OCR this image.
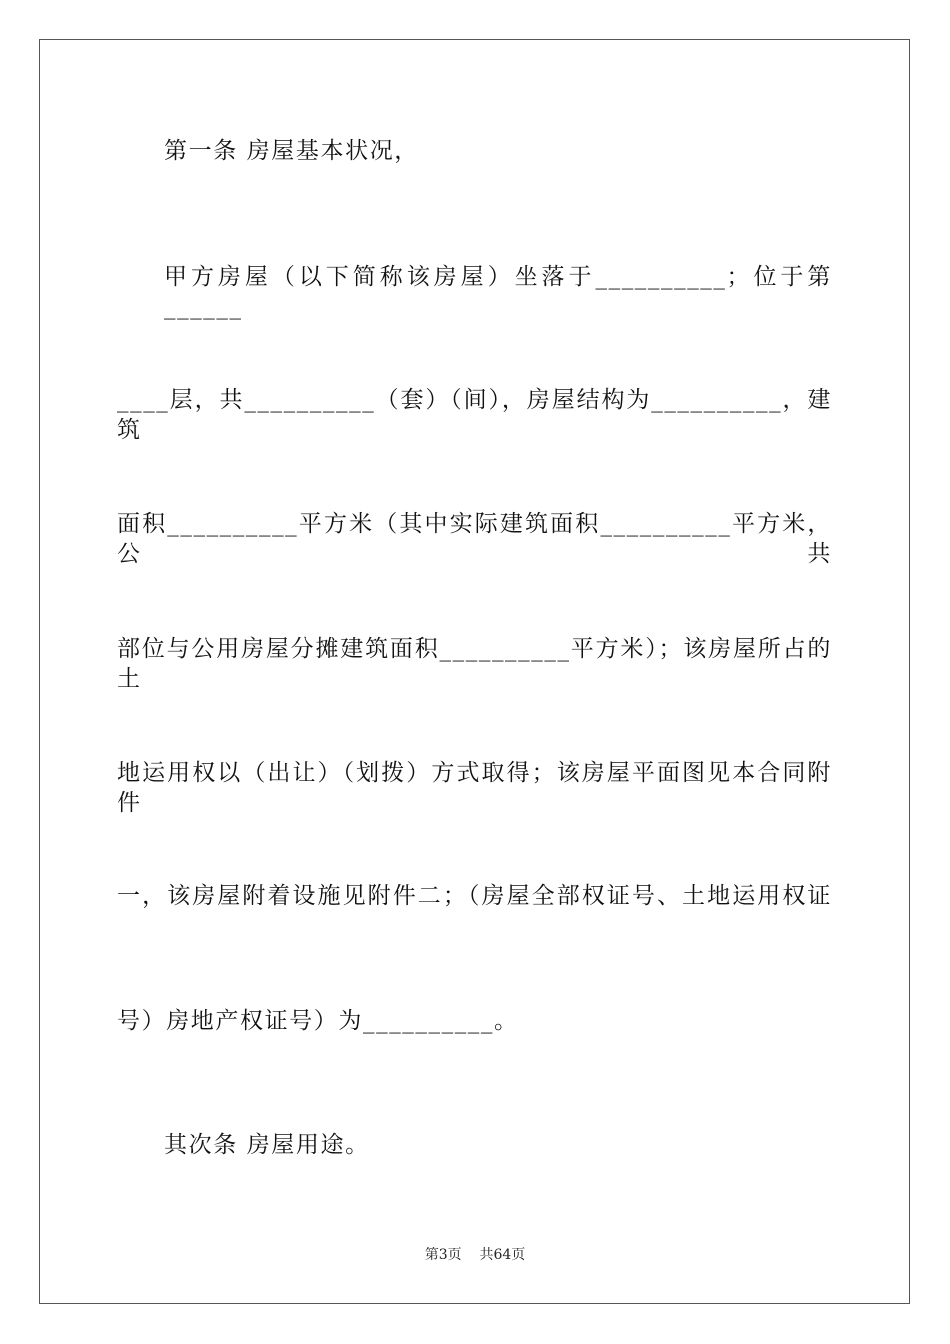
第一条 房屋基本状况，
甲方房屋（以下简称该房屋）坐落于__________；位于第______
____层，共__________（套）（间），房屋结构为__________，建筑
面积__________平方米（其中实际建筑面积__________平方米，公共
部位与公用房屋分摊建筑面积__________平方米）；该房屋所占的土
地运用权以（出让）（划拨）方式取得；该房屋平面图见本合同附件
一，该房屋附着设施见附件二；（房屋全部权证号、土地运用权证
号）房地产权证号）为__________。
其次条 房屋用途。
第3页 共64页
